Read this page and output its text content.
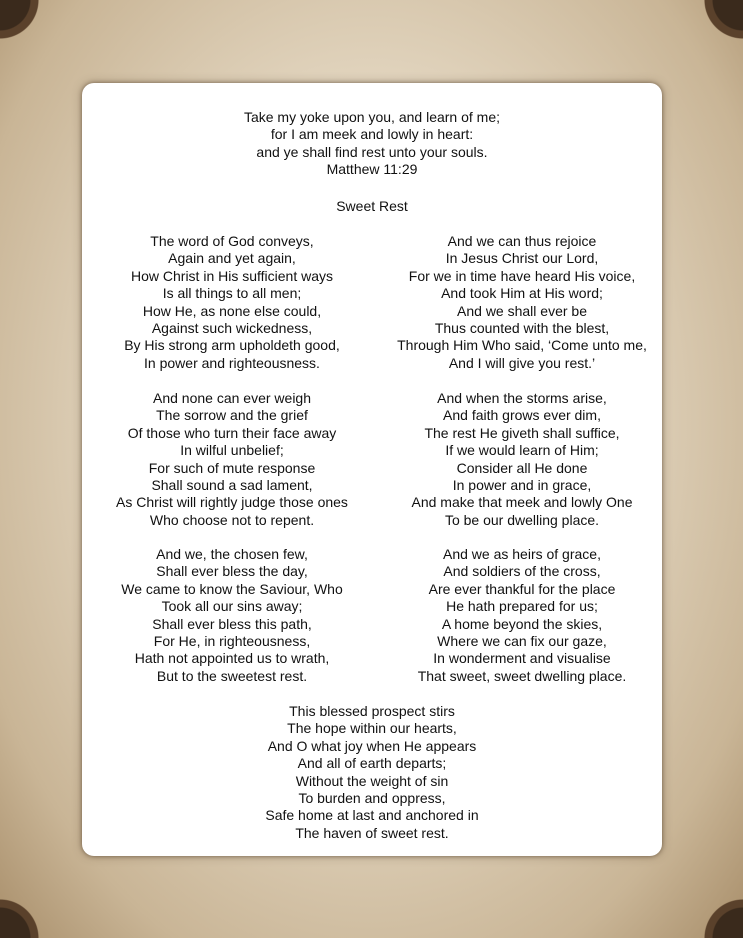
Take my yoke upon you, and learn of me;
for I am meek and lowly in heart:
and ye shall find rest unto your souls.
Matthew 11:29
Sweet Rest
The word of God conveys,
Again and yet again,
How Christ in His sufficient ways
Is all things to all men;
How He, as none else could,
Against such wickedness,
By His strong arm upholdeth good,
In power and righteousness.
And we can thus rejoice
In Jesus Christ our Lord,
For we in time have heard His voice,
And took Him at His word;
And we shall ever be
Thus counted with the blest,
Through Him Who said, ‘Come unto me,
And I will give you rest.’
And none can ever weigh
The sorrow and the grief
Of those who turn their face away
In wilful unbelief;
For such of mute response
Shall sound a sad lament,
As Christ will rightly judge those ones
Who choose not to repent.
And when the storms arise,
And faith grows ever dim,
The rest He giveth shall suffice,
If we would learn of Him;
Consider all He done
In power and in grace,
And make that meek and lowly One
To be our dwelling place.
And we, the chosen few,
Shall ever bless the day,
We came to know the Saviour, Who
Took all our sins away;
Shall ever bless this path,
For He, in righteousness,
Hath not appointed us to wrath,
But to the sweetest rest.
And we as heirs of grace,
And soldiers of the cross,
Are ever thankful for the place
He hath prepared for us;
A home beyond the skies,
Where we can fix our gaze,
In wonderment and visualise
That sweet, sweet dwelling place.
This blessed prospect stirs
The hope within our hearts,
And O what joy when He appears
And all of earth departs;
Without the weight of sin
To burden and oppress,
Safe home at last and anchored in
The haven of sweet rest.
